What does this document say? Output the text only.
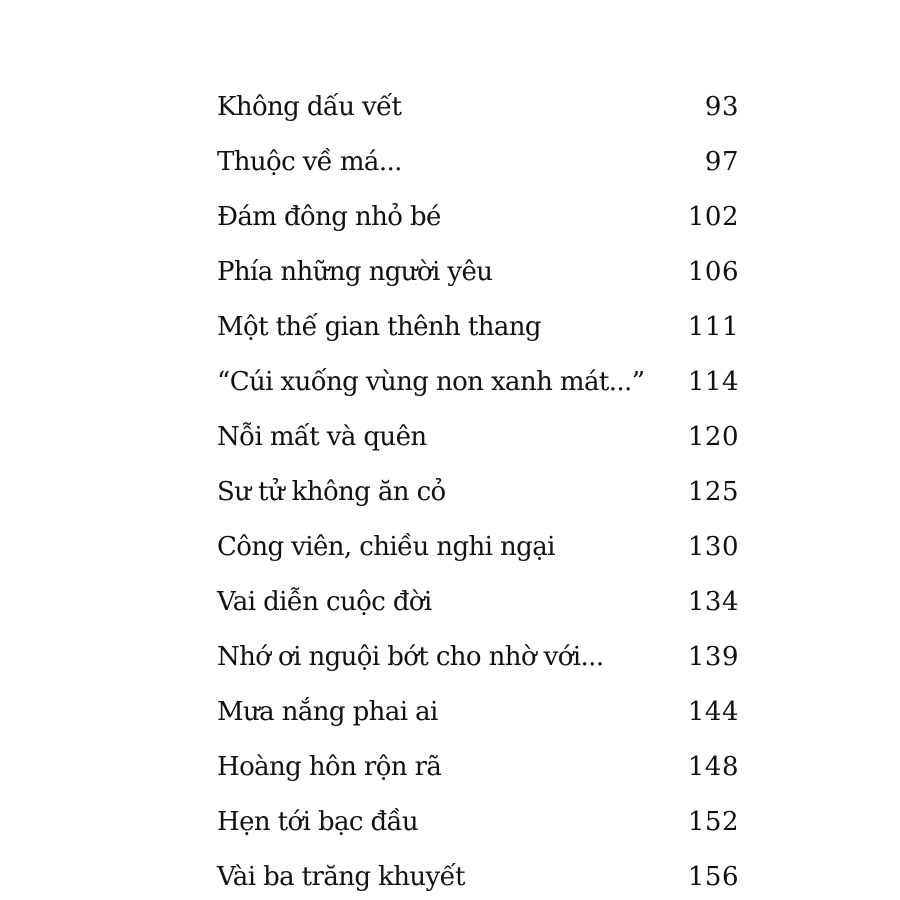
Không dấu vết	93
Thuộc về má...	97
Đám đông nhỏ bé	102
Phía những người yêu	106
Một thế gian thênh thang	111
“Cúi xuống vùng non xanh mát...”	114
Nỗi mất và quên	120
Sư tử không ăn cỏ	125
Công viên, chiều nghi ngại	130
Vai diễn cuộc đời	134
Nhớ ơi nguội bớt cho nhờ với...	139
Mưa nắng phai ai	144
Hoàng hôn rộn rã	148
Hẹn tới bạc đầu	152
Vài ba trăng khuyết	156
